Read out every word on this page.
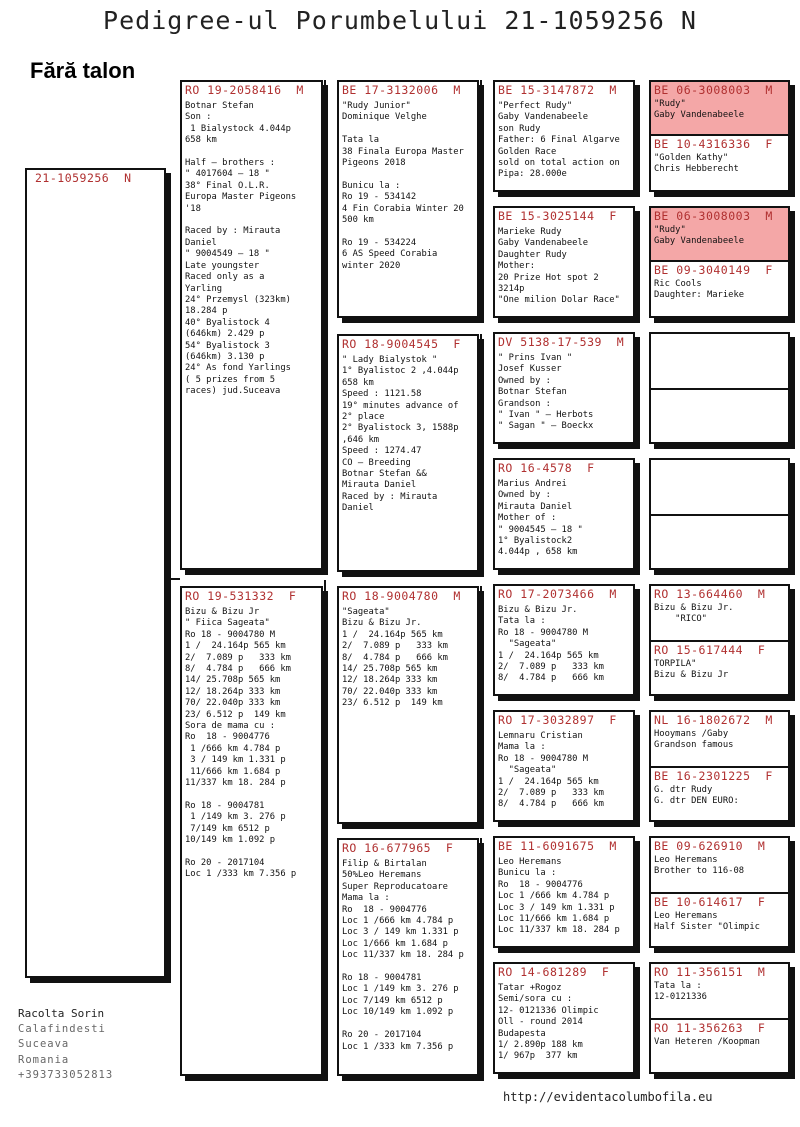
Pedigree-ul Porumbelului 21-1059256 N
Fără talon
21-1059256  N
RO 19-2058416  M
Botnar Stefan
Son :
1 Bialystock 4.044p
658 km

Half – brothers :
" 4017604 – 18 "
38° Final O.L.R.
Europa Master Pigeons
'18

Raced by : Mirauta
Daniel
" 9004549 – 18 "
Late youngster
Raced only as a
Yarling
24° Przemysl (323km)
18.284 p
40° Byalistock 4
(646km) 2.429 p
54° Byalistock 3
(646km) 3.130 p
24° As fond Yarlings
( 5 prizes from 5
races) jud.Suceava
RO 19-531332  F
Bizu & Bizu Jr
" Fiica Sageata"
Ro 18 - 9004780 M
1 /  24.164p 565 km
2/  7.089 p   333 km
8/  4.784 p   666 km
14/ 25.708p 565 km
12/ 18.264p 333 km
70/ 22.040p 333 km
23/ 6.512 p  149 km
Sora de mama cu :
Ro  18 - 9004776
1 /666 km 4.784 p
3 / 149 km 1.331 p
11/666 km 1.684 p
11/337 km 18. 284 p

Ro 18 - 9004781
1 /149 km 3. 276 p
7/149 km 6512 p
10/149 km 1.092 p

Ro 20 - 2017104
Loc 1 /333 km 7.356 p
BE 17-3132006  M
"Rudy Junior"
Dominique Velghe

Tata la
38 Finala Europa Master
Pigeons 2018

Bunicu la :
Ro 19 - 534142
4 Fin Corabia Winter 20
500 km

Ro 19 - 534224
6 AS Speed Corabia
winter 2020
RO 18-9004545  F
" Lady Bialystok "
1° Byalistoc 2 ,4.044p
658 km
Speed : 1121.58
19° minutes advance of
2° place
2° Byalistock 3, 1588p
,646 km
Speed : 1274.47
CO – Breeding
Botnar Stefan &&
Mirauta Daniel
Raced by : Mirauta
Daniel
RO 18-9004780  M
"Sageata"
Bizu & Bizu Jr.
1 /  24.164p 565 km
2/  7.089 p   333 km
8/  4.784 p   666 km
14/ 25.708p 565 km
12/ 18.264p 333 km
70/ 22.040p 333 km
23/ 6.512 p  149 km
RO 16-677965  F
Filip & Birtalan
50%Leo Heremans
Super Reproducatoare
Mama la :
Ro  18 - 9004776
Loc 1 /666 km 4.784 p
Loc 3 / 149 km 1.331 p
Loc 1/666 km 1.684 p
Loc 11/337 km 18. 284 p

Ro 18 - 9004781
Loc 1 /149 km 3. 276 p
Loc 7/149 km 6512 p
Loc 10/149 km 1.092 p

Ro 20 - 2017104
Loc 1 /333 km 7.356 p
BE 15-3147872  M
"Perfect Rudy"
Gaby Vandenabeele
son Rudy
Father: 6 Final Algarve
Golden Race
sold on total action on
Pipa: 28.000e
BE 15-3025144  F
Marieke Rudy
Gaby Vandenabeele
Daughter Rudy
Mother:
20 Prize Hot spot 2
3214p
"One milion Dolar Race"
DV 5138-17-539  M
" Prins Ivan "
Josef Kusser
Owned by :
Botnar Stefan
Grandson :
" Ivan " – Herbots
" Sagan " – Boeckx
RO 16-4578  F
Marius Andrei
Owned by :
Mirauta Daniel
Mother of :
" 9004545 – 18 "
1° Byalistock2
4.044p , 658 km
RO 17-2073466  M
Bizu & Bizu Jr.
Tata la :
Ro 18 - 9004780 M
"Sageata"
1 /  24.164p 565 km
2/  7.089 p   333 km
8/  4.784 p   666 km
RO 17-3032897  F
Lemnaru Cristian
Mama la :
Ro 18 - 9004780 M
"Sageata"
1 /  24.164p 565 km
2/  7.089 p   333 km
8/  4.784 p   666 km
BE 11-6091675  M
Leo Heremans
Bunicu la :
Ro  18 - 9004776
Loc 1 /666 km 4.784 p
Loc 3 / 149 km 1.331 p
Loc 11/666 km 1.684 p
Loc 11/337 km 18. 284 p
RO 14-681289  F
Tatar +Rogoz
Semi/sora cu :
12- 0121336 Olimpic
Oll - round 2014
Budapesta
1/ 2.890p 188 km
1/ 967p  377 km
BE 06-3008003  M
"Rudy"
Gaby Vandenabeele
BE 10-4316336  F
"Golden Kathy"
Chris Hebberecht
BE 06-3008003  M
"Rudy"
Gaby Vandenabeele
BE 09-3040149  F
Ric Cools
Daughter: Marieke
RO 13-664460  M
Bizu & Bizu Jr.
"RICO"
RO 15-617444  F
TORPILA"
Bizu & Bizu Jr
NL 16-1802672  M
Hooymans /Gaby
Grandson famous
BE 16-2301225  F
G. dtr Rudy
G. dtr DEN EURO:
BE 09-626910  M
Leo Heremans
Brother to 116-08
BE 10-614617  F
Leo Heremans
Half Sister "Olimpic
RO 11-356151  M
Tata la :
12-0121336
RO 11-356263  F
Van Heteren /Koopman
Racolta Sorin
Calafindesti
Suceava
Romania
+393733052813
http://evidentacolumbofila.eu
